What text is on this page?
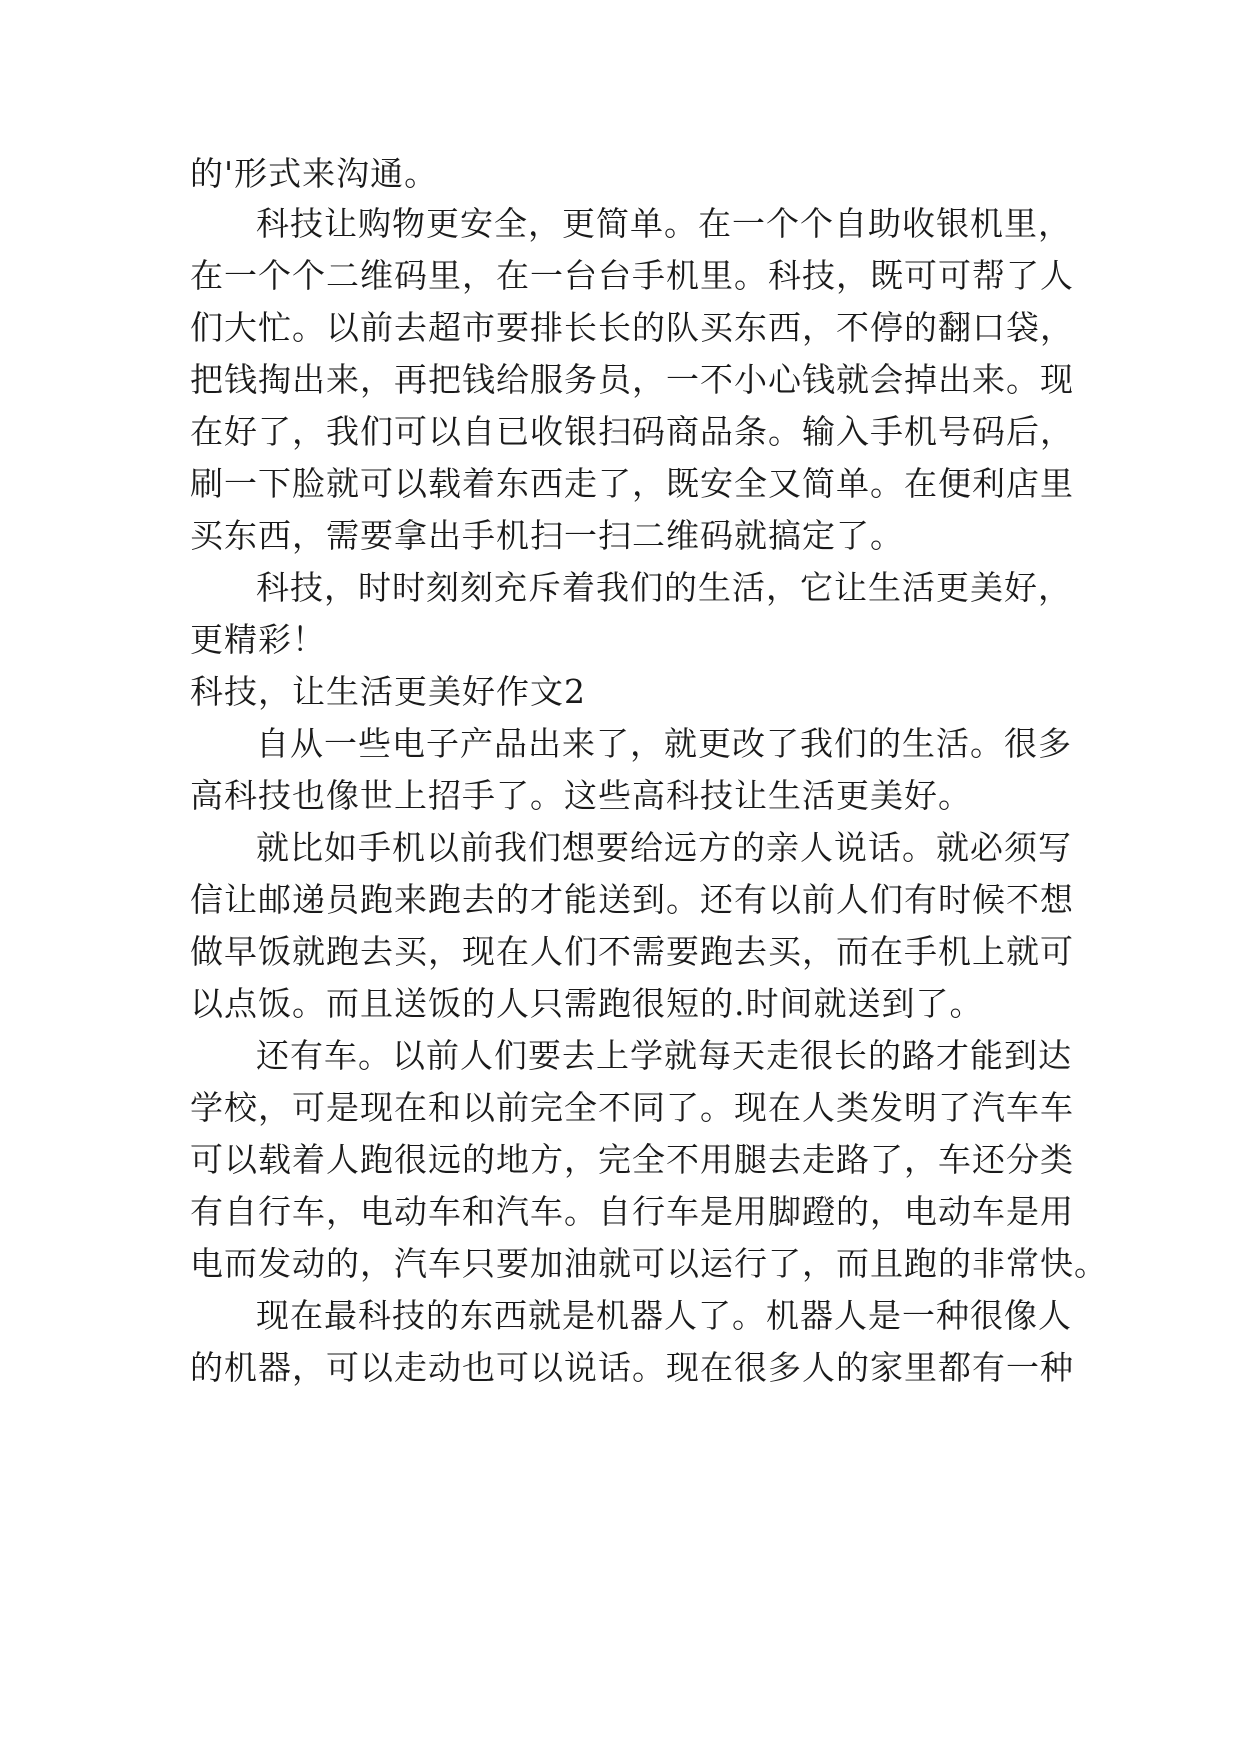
的'形式来沟通。
科技让购物更安全，更简单。在一个个自助收银机里，
在一个个二维码里，在一台台手机里。科技，既可可帮了人
们大忙。以前去超市要排长长的队买东西，不停的翻口袋，
把钱掏出来，再把钱给服务员，一不小心钱就会掉出来。现
在好了，我们可以自已收银扫码商品条。输入手机号码后，
刷一下脸就可以载着东西走了，既安全又简单。在便利店里
买东西，需要拿出手机扫一扫二维码就搞定了。
科技，时时刻刻充斥着我们的生活，它让生活更美好，
更精彩！
科技，让生活更美好作文2
自从一些电子产品出来了，就更改了我们的生活。很多
高科技也像世上招手了。这些高科技让生活更美好。
就比如手机以前我们想要给远方的亲人说话。就必须写
信让邮递员跑来跑去的才能送到。还有以前人们有时候不想
做早饭就跑去买，现在人们不需要跑去买，而在手机上就可
以点饭。而且送饭的人只需跑很短的.时间就送到了。
还有车。以前人们要去上学就每天走很长的路才能到达
学校，可是现在和以前完全不同了。现在人类发明了汽车车
可以载着人跑很远的地方，完全不用腿去走路了，车还分类
有自行车，电动车和汽车。自行车是用脚蹬的，电动车是用
电而发动的，汽车只要加油就可以运行了，而且跑的非常快。
现在最科技的东西就是机器人了。机器人是一种很像人
的机器，可以走动也可以说话。现在很多人的家里都有一种
